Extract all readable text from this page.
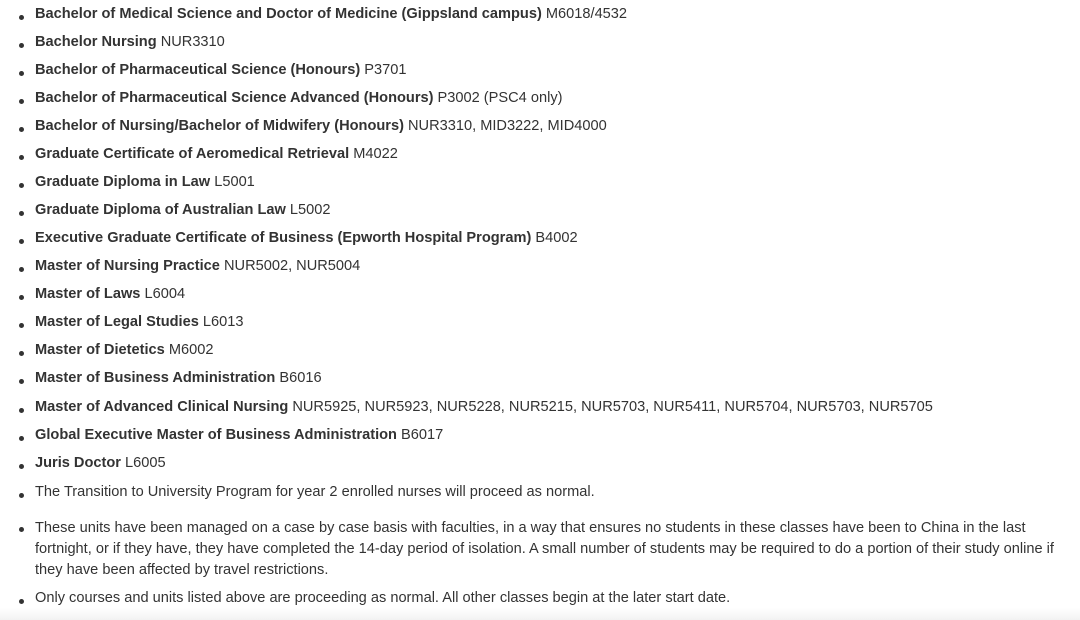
Bachelor of Medical Science and Doctor of Medicine (Gippsland campus) M6018/4532
Bachelor Nursing NUR3310
Bachelor of Pharmaceutical Science (Honours) P3701
Bachelor of Pharmaceutical Science Advanced (Honours) P3002 (PSC4 only)
Bachelor of Nursing/Bachelor of Midwifery (Honours) NUR3310, MID3222, MID4000
Graduate Certificate of Aeromedical Retrieval M4022
Graduate Diploma in Law L5001
Graduate Diploma of Australian Law L5002
Executive Graduate Certificate of Business (Epworth Hospital Program) B4002
Master of Nursing Practice NUR5002, NUR5004
Master of Laws L6004
Master of Legal Studies L6013
Master of Dietetics M6002
Master of Business Administration B6016
Master of Advanced Clinical Nursing NUR5925, NUR5923, NUR5228, NUR5215, NUR5703, NUR5411, NUR5704, NUR5703, NUR5705
Global Executive Master of Business Administration B6017
Juris Doctor L6005
The Transition to University Program for year 2 enrolled nurses will proceed as normal.
These units have been managed on a case by case basis with faculties, in a way that ensures no students in these classes have been to China in the last fortnight, or if they have, they have completed the 14-day period of isolation. A small number of students may be required to do a portion of their study online if they have been affected by travel restrictions.
Only courses and units listed above are proceeding as normal. All other classes begin at the later start date.
